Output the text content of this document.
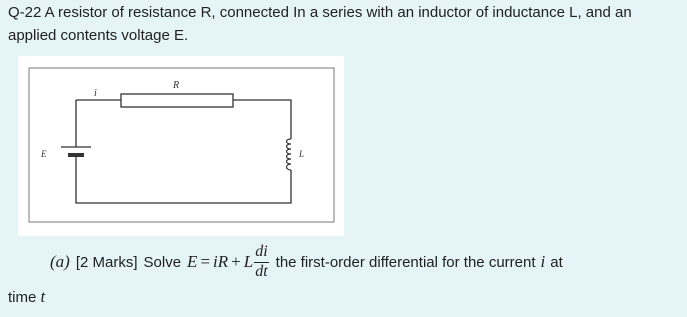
Q-22 A resistor of resistance R, connected In a series with an inductor of inductance L, and an applied contents voltage E.
R
i
E	L
(a) [2 Marks] Solve E = iR + L $\frac{di}{dt}$ the first-order differential for the current i at
time t
